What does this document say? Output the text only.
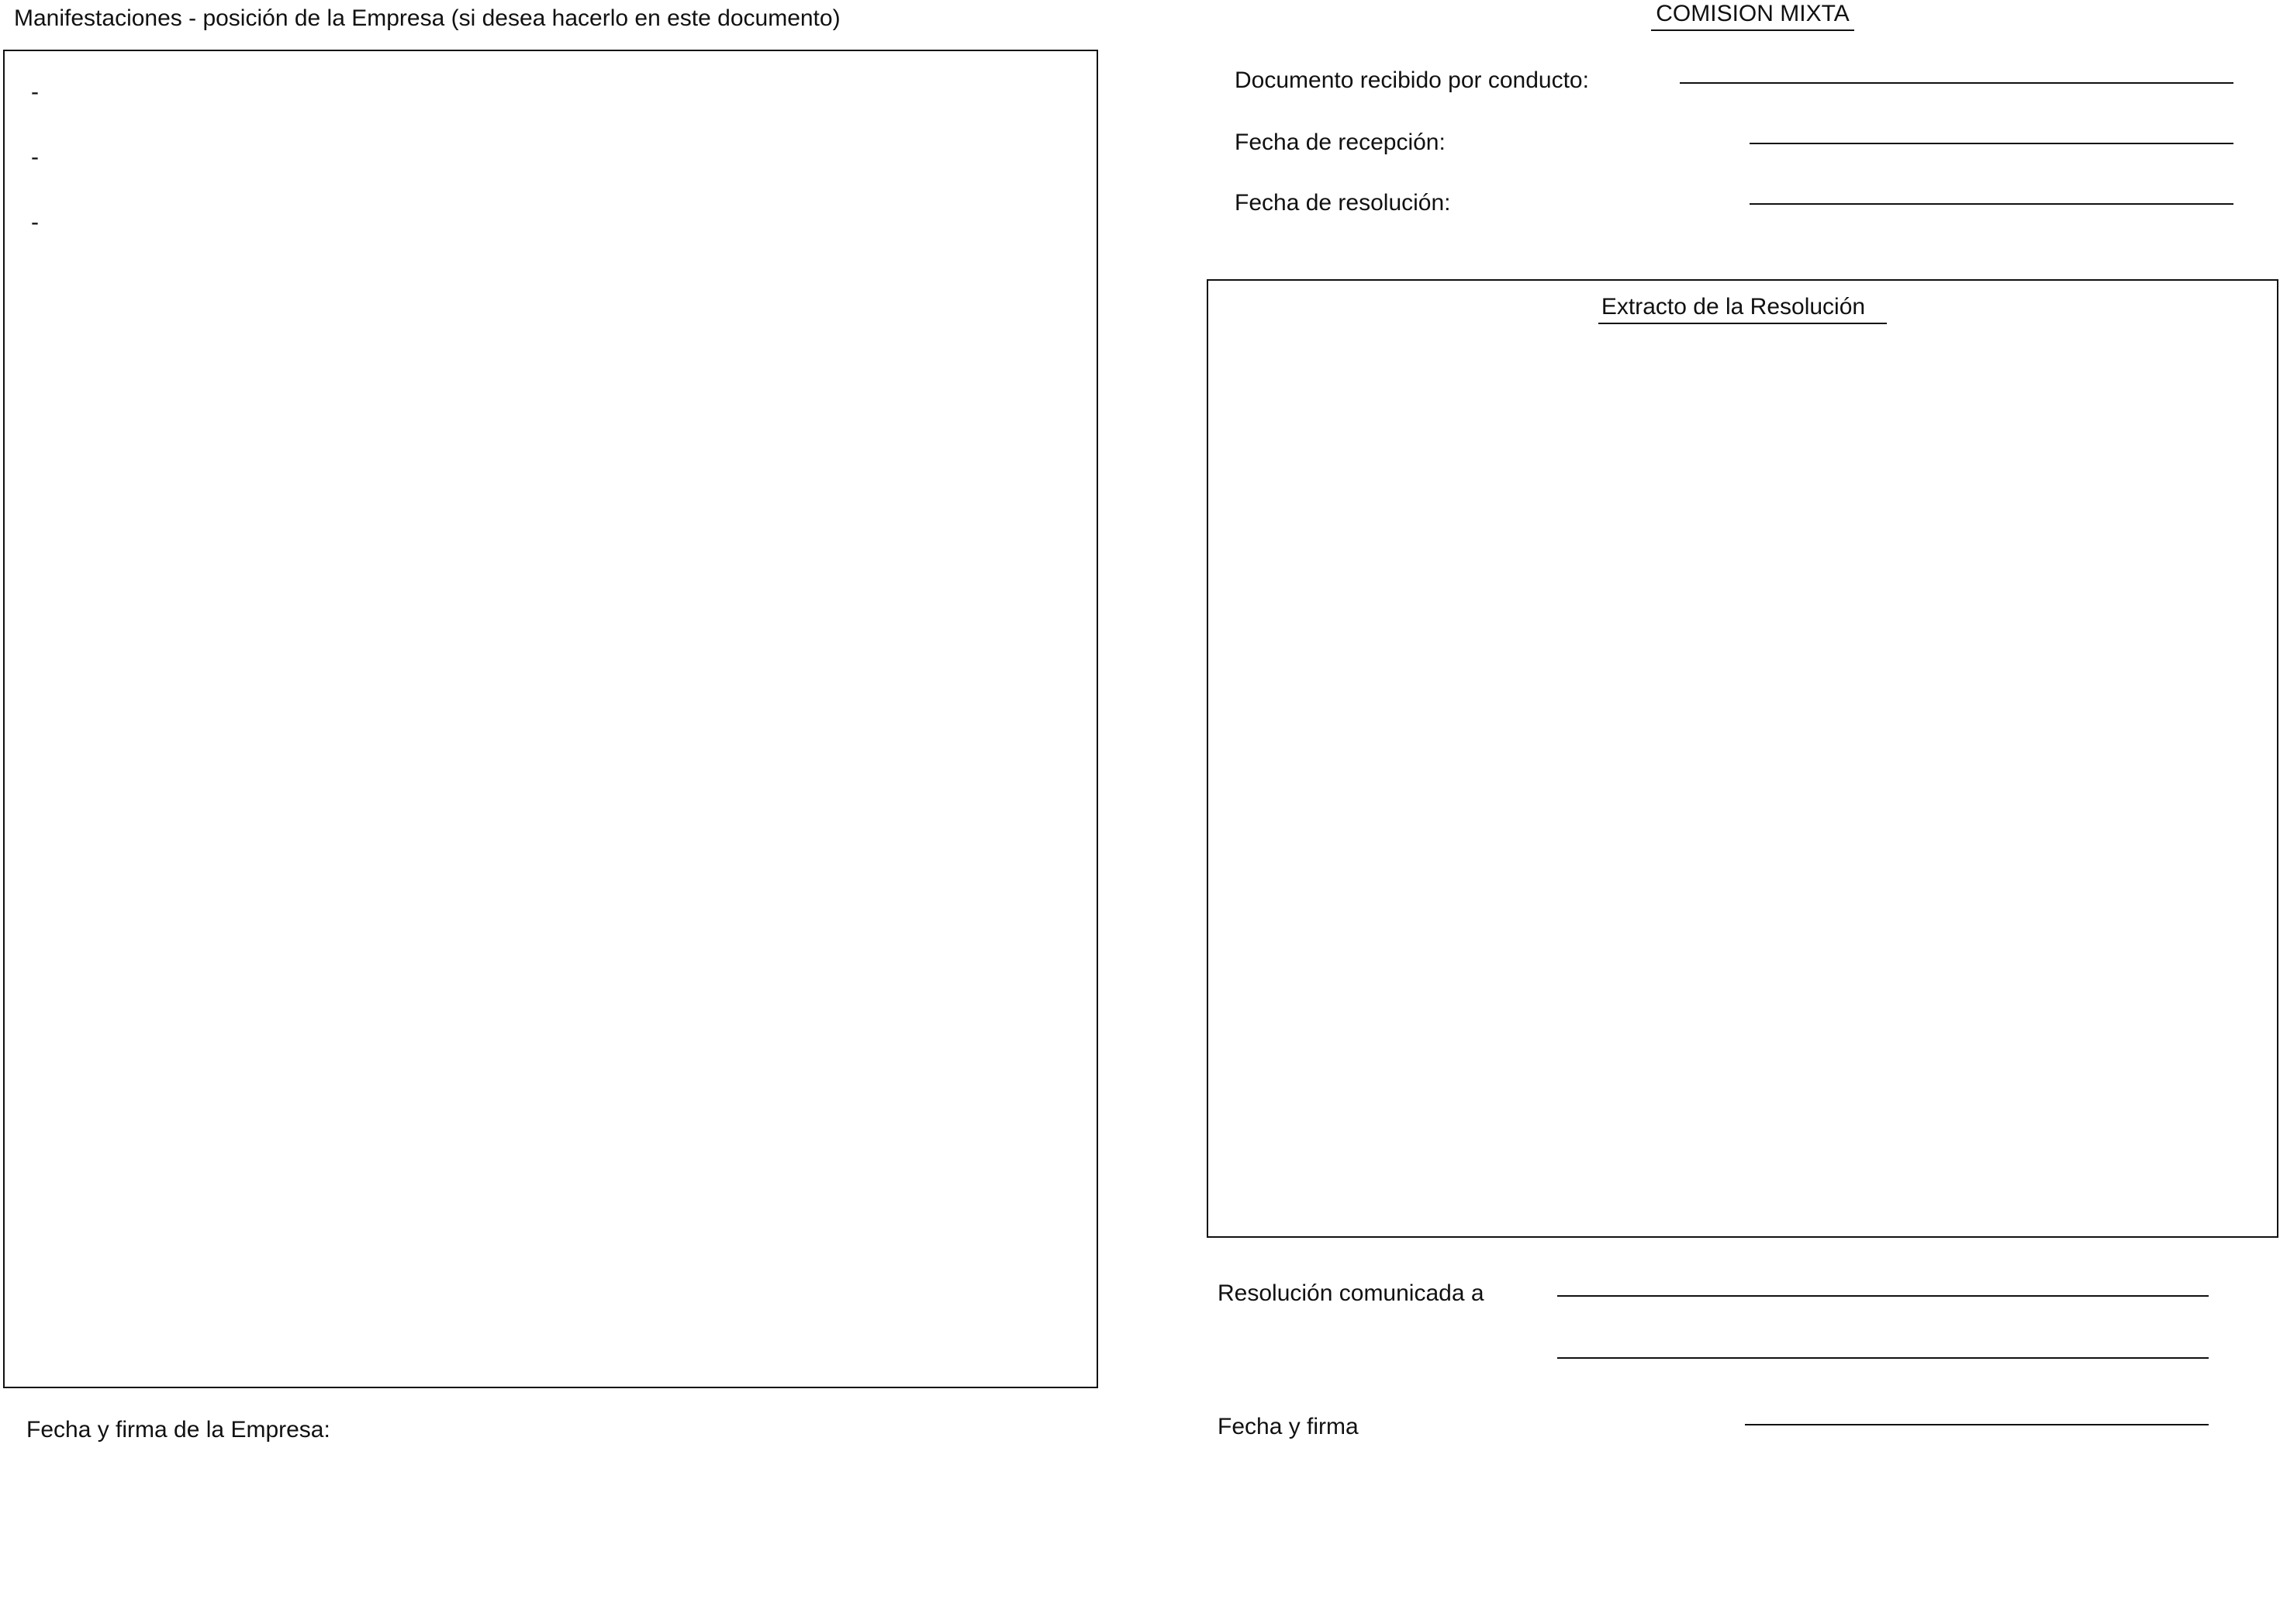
Manifestaciones - posición de la Empresa (si desea hacerlo en este documento)
-
-
-
Fecha y firma de la Empresa:
COMISION MIXTA
Documento recibido por conducto:
Fecha de recepción:
Fecha de resolución:
Extracto de la Resolución
Resolución comunicada a
Fecha y firma
